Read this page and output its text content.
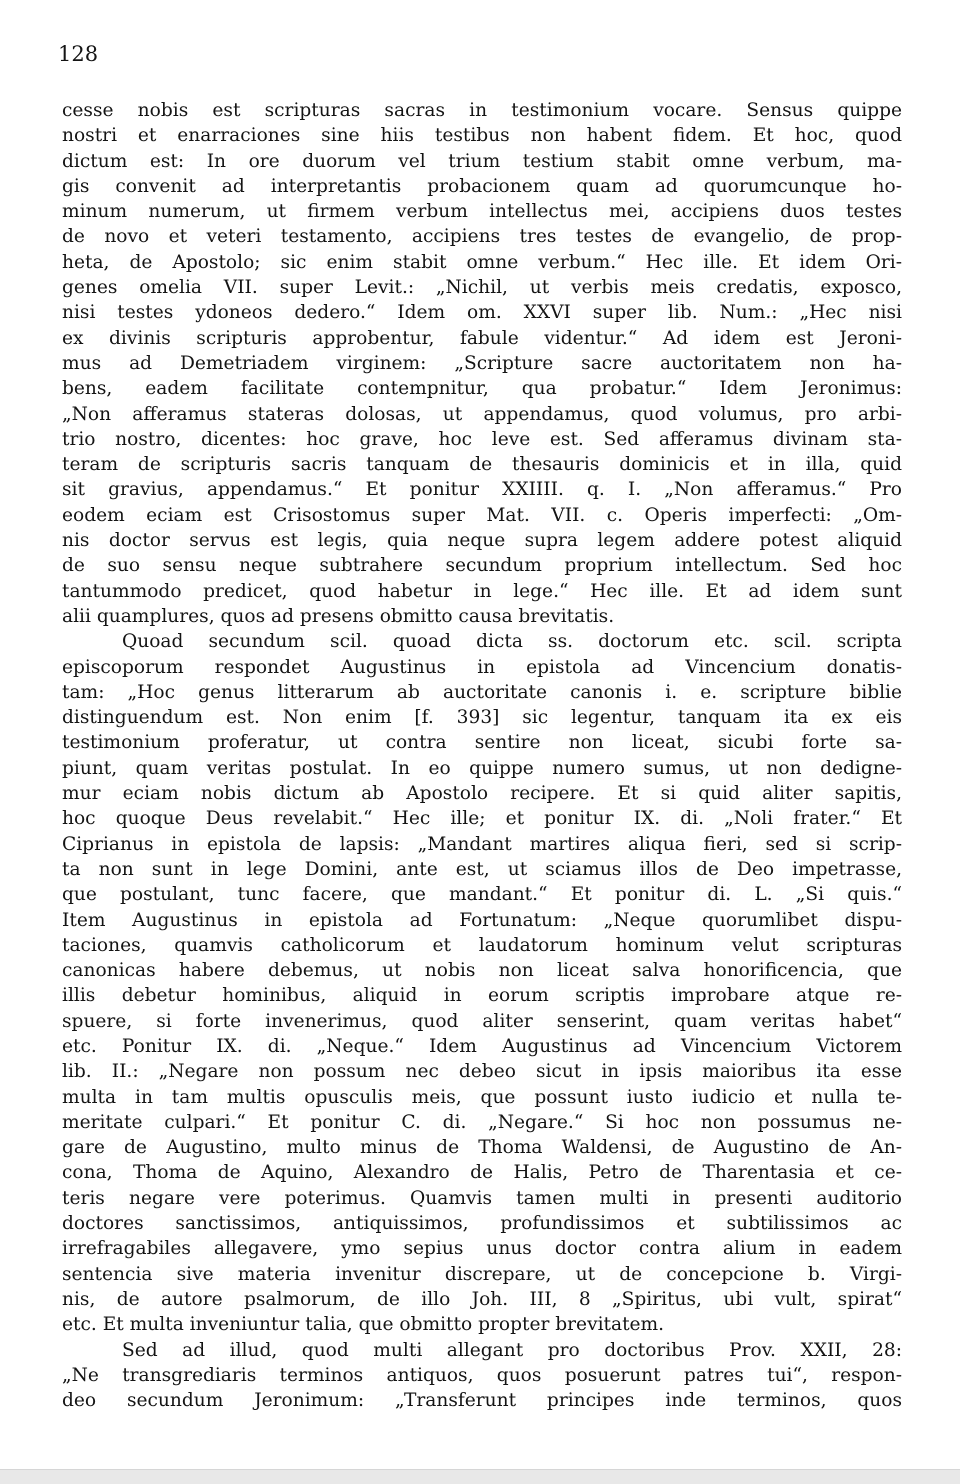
128
cesse nobis est scripturas sacras in testimonium vocare. Sensus quippe
nostri et enarraciones sine hiis testibus non habent fidem. Et hoc, quod
dictum est: In ore duorum vel trium testium stabit omne verbum, ma-
gis convenit ad interpretantis probacionem quam ad quorumcunque ho-
minum numerum, ut firmem verbum intellectus mei, accipiens duos testes
de novo et veteri testamento, accipiens tres testes de evangelio, de prop-
heta, de Apostolo; sic enim stabit omne verbum.“ Hec ille. Et idem Ori-
genes omelia VII. super Levit.: „Nichil, ut verbis meis credatis, exposco,
nisi testes ydoneos dedero.“ Idem om. XXVI super lib. Num.: „Hec nisi
ex divinis scripturis approbentur, fabule videntur.“ Ad idem est Jeroni-
mus ad Demetriadem virginem: „Scripture sacre auctoritatem non ha-
bens, eadem facilitate contempnitur, qua probatur.“ Idem Jeronimus:
„Non afferamus stateras dolosas, ut appendamus, quod volumus, pro arbi-
trio nostro, dicentes: hoc grave, hoc leve est. Sed afferamus divinam sta-
teram de scripturis sacris tanquam de thesauris dominicis et in illa, quid
sit gravius, appendamus.“ Et ponitur XXIIII. q. I. „Non afferamus.“ Pro
eodem eciam est Crisostomus super Mat. VII. c. Operis imperfecti: „Om-
nis doctor servus est legis, quia neque supra legem addere potest aliquid
de suo sensu neque subtrahere secundum proprium intellectum. Sed hoc
tantummodo predicet, quod habetur in lege.“ Hec ille. Et ad idem sunt
alii quamplures, quos ad presens obmitto causa brevitatis.
Quoad secundum scil. quoad dicta ss. doctorum etc. scil. scripta
episcoporum respondet Augustinus in epistola ad Vincencium donatis-
tam: „Hoc genus litterarum ab auctoritate canonis i. e. scripture biblie
distinguendum est. Non enim [f. 393] sic legentur, tanquam ita ex eis
testimonium proferatur, ut contra sentire non liceat, sicubi forte sa-
piunt, quam veritas postulat. In eo quippe numero sumus, ut non dedigne-
mur eciam nobis dictum ab Apostolo recipere. Et si quid aliter sapitis,
hoc quoque Deus revelabit.“ Hec ille; et ponitur IX. di. „Noli frater.“ Et
Ciprianus in epistola de lapsis: „Mandant martires aliqua fieri, sed si scrip-
ta non sunt in lege Domini, ante est, ut sciamus illos de Deo impetrasse,
que postulant, tunc facere, que mandant.“ Et ponitur di. L. „Si quis.“
Item Augustinus in epistola ad Fortunatum: „Neque quorumlibet dispu-
taciones, quamvis catholicorum et laudatorum hominum velut scripturas
canonicas habere debemus, ut nobis non liceat salva honorificencia, que
illis debetur hominibus, aliquid in eorum scriptis improbare atque re-
spuere, si forte invenerimus, quod aliter senserint, quam veritas habet“
etc. Ponitur IX. di. „Neque.“ Idem Augustinus ad Vincencium Victorem
lib. II.: „Negare non possum nec debeo sicut in ipsis maioribus ita esse
multa in tam multis opusculis meis, que possunt iusto iudicio et nulla te-
meritate culpari.“ Et ponitur C. di. „Negare.“ Si hoc non possumus ne-
gare de Augustino, multo minus de Thoma Waldensi, de Augustino de An-
cona, Thoma de Aquino, Alexandro de Halis, Petro de Tharentasia et ce-
teris negare vere poterimus. Quamvis tamen multi in presenti auditorio
doctores sanctissimos, antiquissimos, profundissimos et subtilissimos ac
irrefragabiles allegavere, ymo sepius unus doctor contra alium in eadem
sentencia sive materia invenitur discrepare, ut de concepcione b. Virgi-
nis, de autore psalmorum, de illo Joh. III, 8 „Spiritus, ubi vult, spirat“
etc. Et multa inveniuntur talia, que obmitto propter brevitatem.
Sed ad illud, quod multi allegant pro doctoribus Prov. XXII, 28:
„Ne transgrediaris terminos antiquos, quos posuerunt patres tui“, respon-
deo secundum Jeronimum: „Transferunt principes inde terminos, quos
